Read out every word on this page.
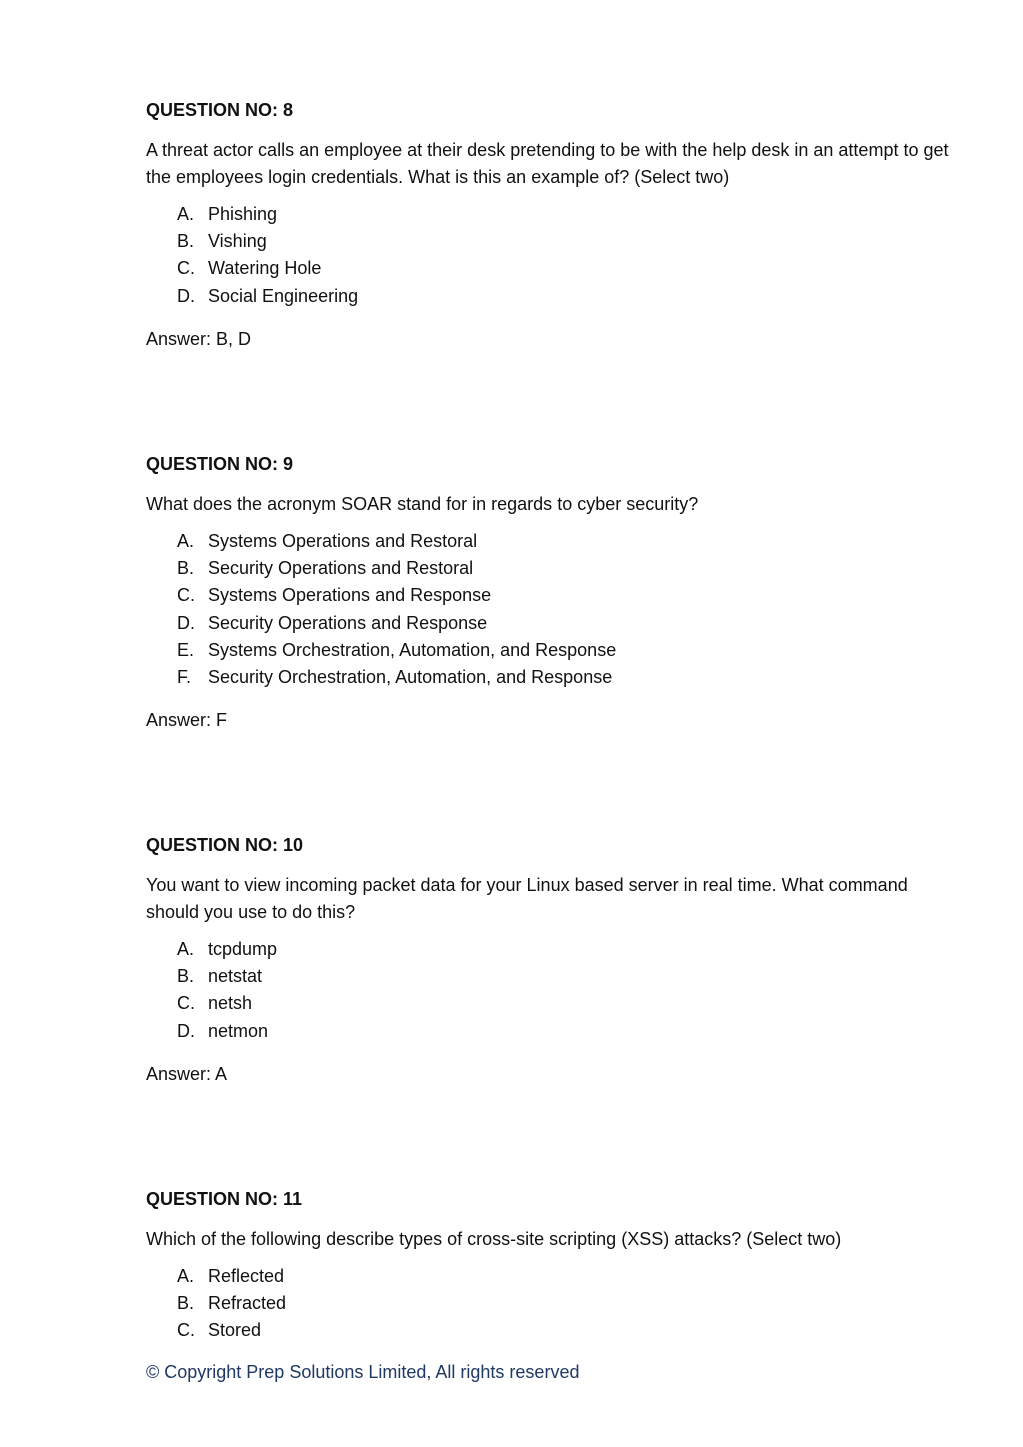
QUESTION NO: 8

A threat actor calls an employee at their desk pretending to be with the help desk in an attempt to get the employees login credentials. What is this an example of? (Select two)

A. Phishing
B. Vishing
C. Watering Hole
D. Social Engineering

Answer: B, D

QUESTION NO: 9

What does the acronym SOAR stand for in regards to cyber security?

A. Systems Operations and Restoral
B. Security Operations and Restoral
C. Systems Operations and Response
D. Security Operations and Response
E. Systems Orchestration, Automation, and Response
F. Security Orchestration, Automation, and Response

Answer: F

QUESTION NO: 10

You want to view incoming packet data for your Linux based server in real time. What command should you use to do this?

A. tcpdump
B. netstat
C. netsh
D. netmon

Answer: A

QUESTION NO: 11

Which of the following describe types of cross-site scripting (XSS) attacks? (Select two)

A. Reflected
B. Refracted
C. Stored
© Copyright Prep Solutions Limited, All rights reserved
